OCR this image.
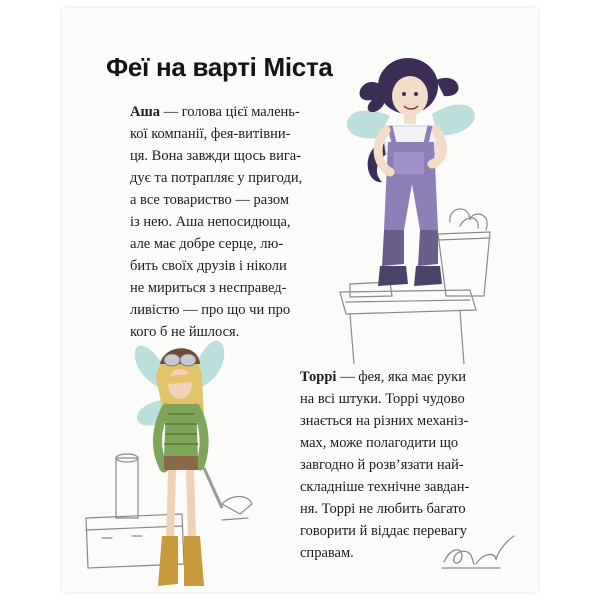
Феї на варті Міста

Аша — голова цієї малень-

кої компанії, фея-витівни-

ця. Вона завжди щось вига-

дує та потрапляє у пригоди,

а все товариство — разом

із нею. Аша непосидюща,

але має добре серце, лю-

бить своїх друзів і ніколи

не мириться з несправед-

ливістю — про що чи про

кого б не йшлося.

Торрі — фея, яка має руки

на всі штуки. Торрі чудово

знається на різних механіз-

мах, може полагодити що

завгодно й розв’язати най-

складніше технічне завдан-

ня. Торрі не любить багато

говорити й віддає перевагу

справам.
